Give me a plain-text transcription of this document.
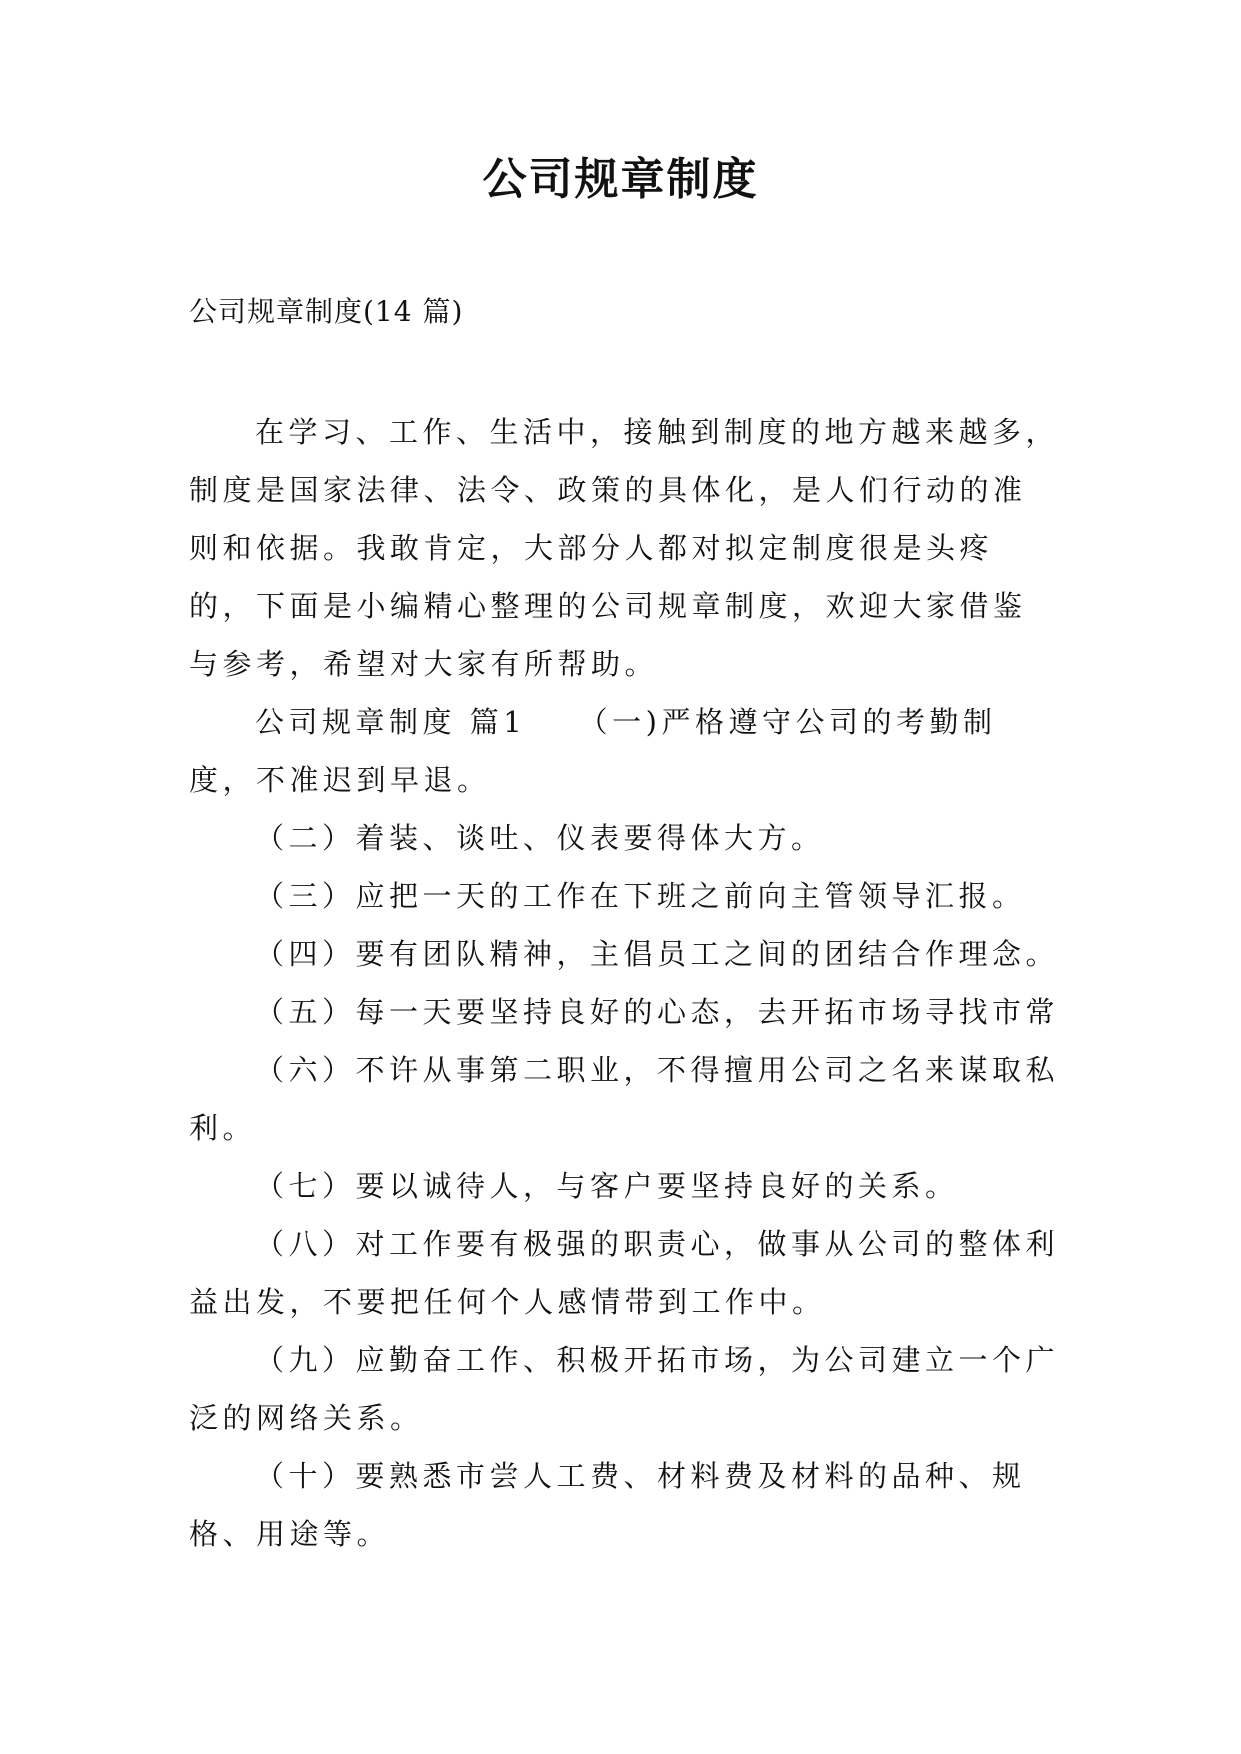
公司规章制度

公司规章制度(14 篇)

在学习、工作、生活中，接触到制度的地方越来越多，制度是国家法律、法令、政策的具体化，是人们行动的准则和依据。我敢肯定，大部分人都对拟定制度很是头疼的，下面是小编精心整理的公司规章制度，欢迎大家借鉴与参考，希望对大家有所帮助。

公司规章制度 篇1　　（一)严格遵守公司的考勤制度，不准迟到早退。

（二）着装、谈吐、仪表要得体大方。

（三）应把一天的工作在下班之前向主管领导汇报。

（四）要有团队精神，主倡员工之间的团结合作理念。

（五）每一天要坚持良好的心态，去开拓市场寻找市常

（六）不许从事第二职业，不得擅用公司之名来谋取私利。

（七）要以诚待人，与客户要坚持良好的关系。

（八）对工作要有极强的职责心，做事从公司的整体利益出发，不要把任何个人感情带到工作中。

（九）应勤奋工作、积极开拓市场，为公司建立一个广泛的网络关系。

（十）要熟悉市尝人工费、材料费及材料的品种、规格、用途等。
